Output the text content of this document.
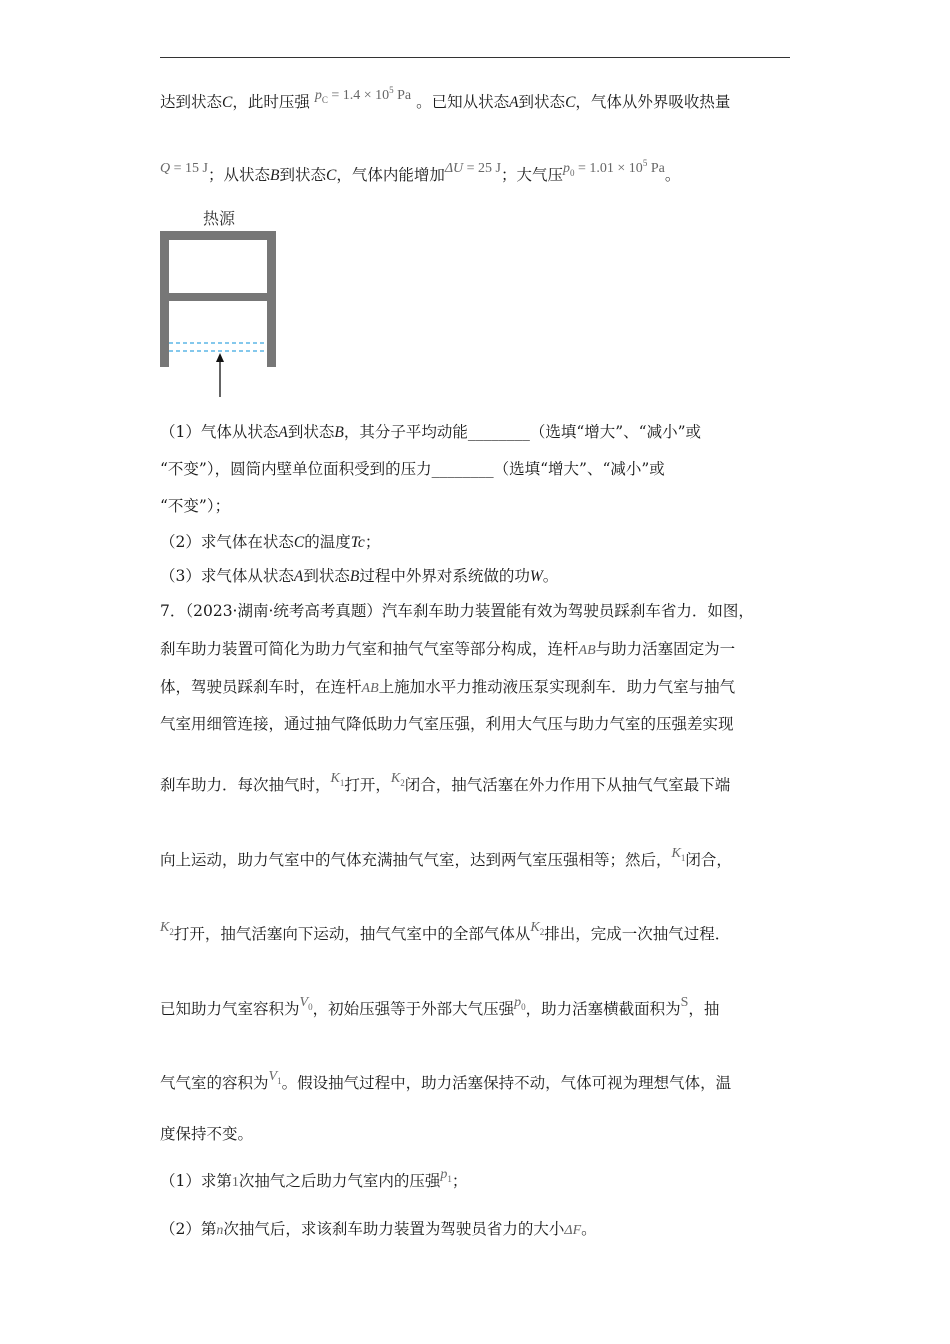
达到状态C，此时压强 $p_C = 1.4 \times 10^5$ Pa 。已知从状态A到状态C，气体从外界吸收热量
Q = 15 J；从状态B到状态C，气体内能增加ΔU = 25 J；大气压$p_0 = 1.01 \times 10^5$ Pa。
热源
（1）气体从状态A到状态B，其分子平均动能________（选填“增大”、“减小”或
“不变”），圆筒内壁单位面积受到的压力________（选填“增大”、“减小”或
“不变”）；
（2）求气体在状态C的温度Tc；
（3）求气体从状态A到状态B过程中外界对系统做的功W。
7．（2023·湖南·统考高考真题）汽车刹车助力装置能有效为驾驶员踩刹车省力．如图，
刹车助力装置可简化为助力气室和抽气气室等部分构成，连杆AB与助力活塞固定为一
体，驾驶员踩刹车时，在连杆AB上施加水平力推动液压泵实现刹车．助力气室与抽气
气室用细管连接，通过抽气降低助力气室压强，利用大气压与助力气室的压强差实现
刹车助力．每次抽气时，$K_1$打开，$K_2$闭合，抽气活塞在外力作用下从抽气气室最下端
向上运动，助力气室中的气体充满抽气气室，达到两气室压强相等；然后，$K_1$闭合，
$K_2$打开，抽气活塞向下运动，抽气气室中的全部气体从$K_2$排出，完成一次抽气过程．
已知助力气室容积为$V_0$，初始压强等于外部大气压强$p_0$，助力活塞横截面积为S，抽
气气室的容积为$V_1$。假设抽气过程中，助力活塞保持不动，气体可视为理想气体，温
度保持不变。
（1）求第1次抽气之后助力气室内的压强$p_1$；
（2）第n次抽气后，求该刹车助力装置为驾驶员省力的大小ΔF。
